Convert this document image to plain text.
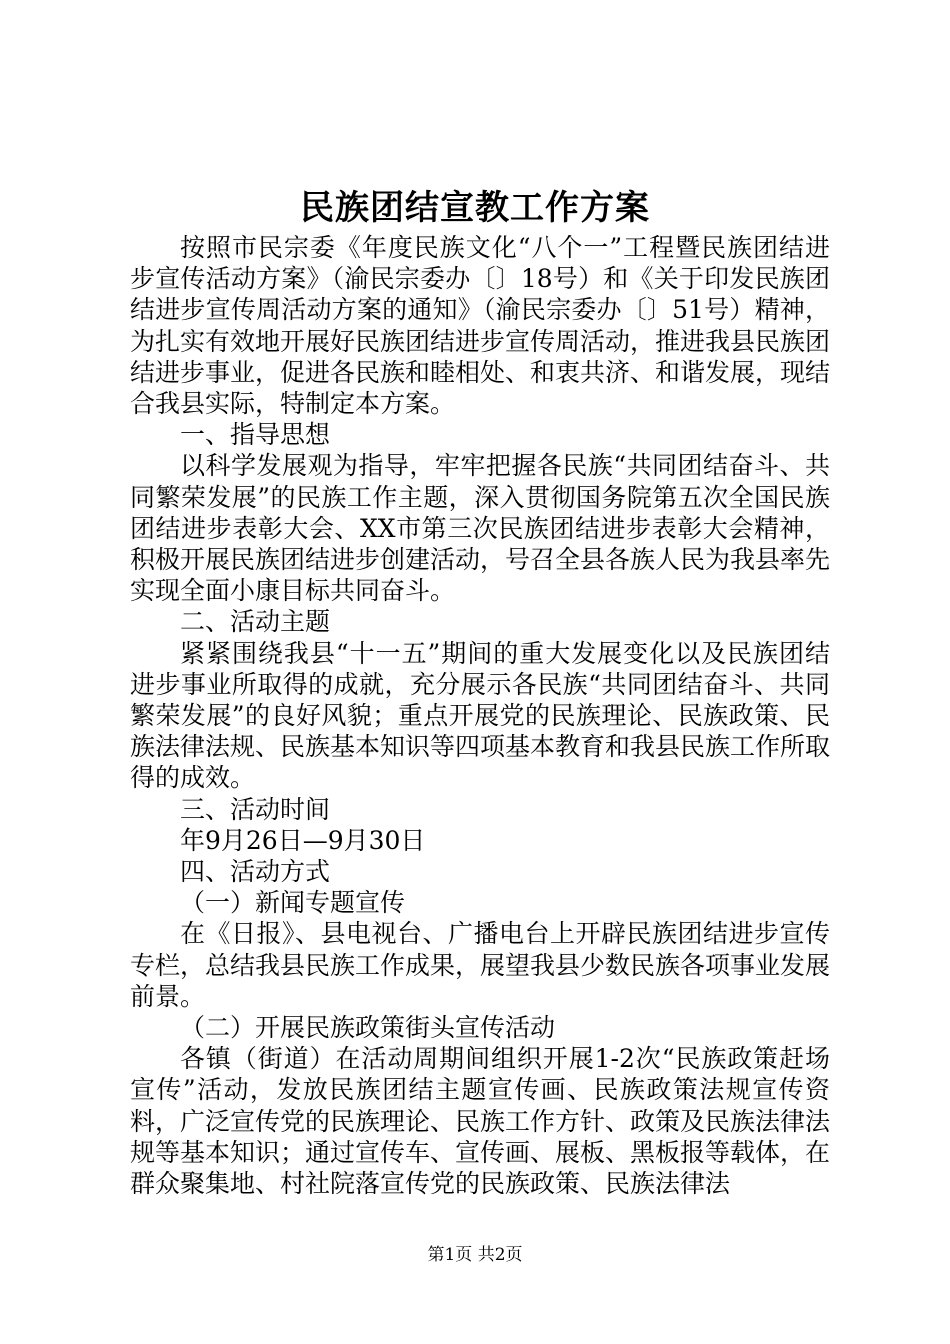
民族团结宣教工作方案

按照市民宗委《年度民族文化“八个一”工程暨民族团结进步宣传活动方案》（渝民宗委办〔〕18号）和《关于印发民族团结进步宣传周活动方案的通知》（渝民宗委办〔〕51号）精神，为扎实有效地开展好民族团结进步宣传周活动，推进我县民族团结进步事业，促进各民族和睦相处、和衷共济、和谐发展，现结合我县实际，特制定本方案。

一、指导思想

以科学发展观为指导，牢牢把握各民族“共同团结奋斗、共同繁荣发展”的民族工作主题，深入贯彻国务院第五次全国民族团结进步表彰大会、XX市第三次民族团结进步表彰大会精神，积极开展民族团结进步创建活动，号召全县各族人民为我县率先实现全面小康目标共同奋斗。

二、活动主题

紧紧围绕我县“十一五”期间的重大发展变化以及民族团结进步事业所取得的成就，充分展示各民族“共同团结奋斗、共同繁荣发展”的良好风貌；重点开展党的民族理论、民族政策、民族法律法规、民族基本知识等四项基本教育和我县民族工作所取得的成效。

三、活动时间

年9月26日—9月30日

四、活动方式

（一）新闻专题宣传

在《日报》、县电视台、广播电台上开辟民族团结进步宣传专栏，总结我县民族工作成果，展望我县少数民族各项事业发展前景。

（二）开展民族政策街头宣传活动

各镇（街道）在活动周期间组织开展1-2次“民族政策赶场宣传”活动，发放民族团结主题宣传画、民族政策法规宣传资料，广泛宣传党的民族理论、民族工作方针、政策及民族法律法规等基本知识；通过宣传车、宣传画、展板、黑板报等载体，在群众聚集地、村社院落宣传党的民族政策、民族法律法

第1页 共2页
